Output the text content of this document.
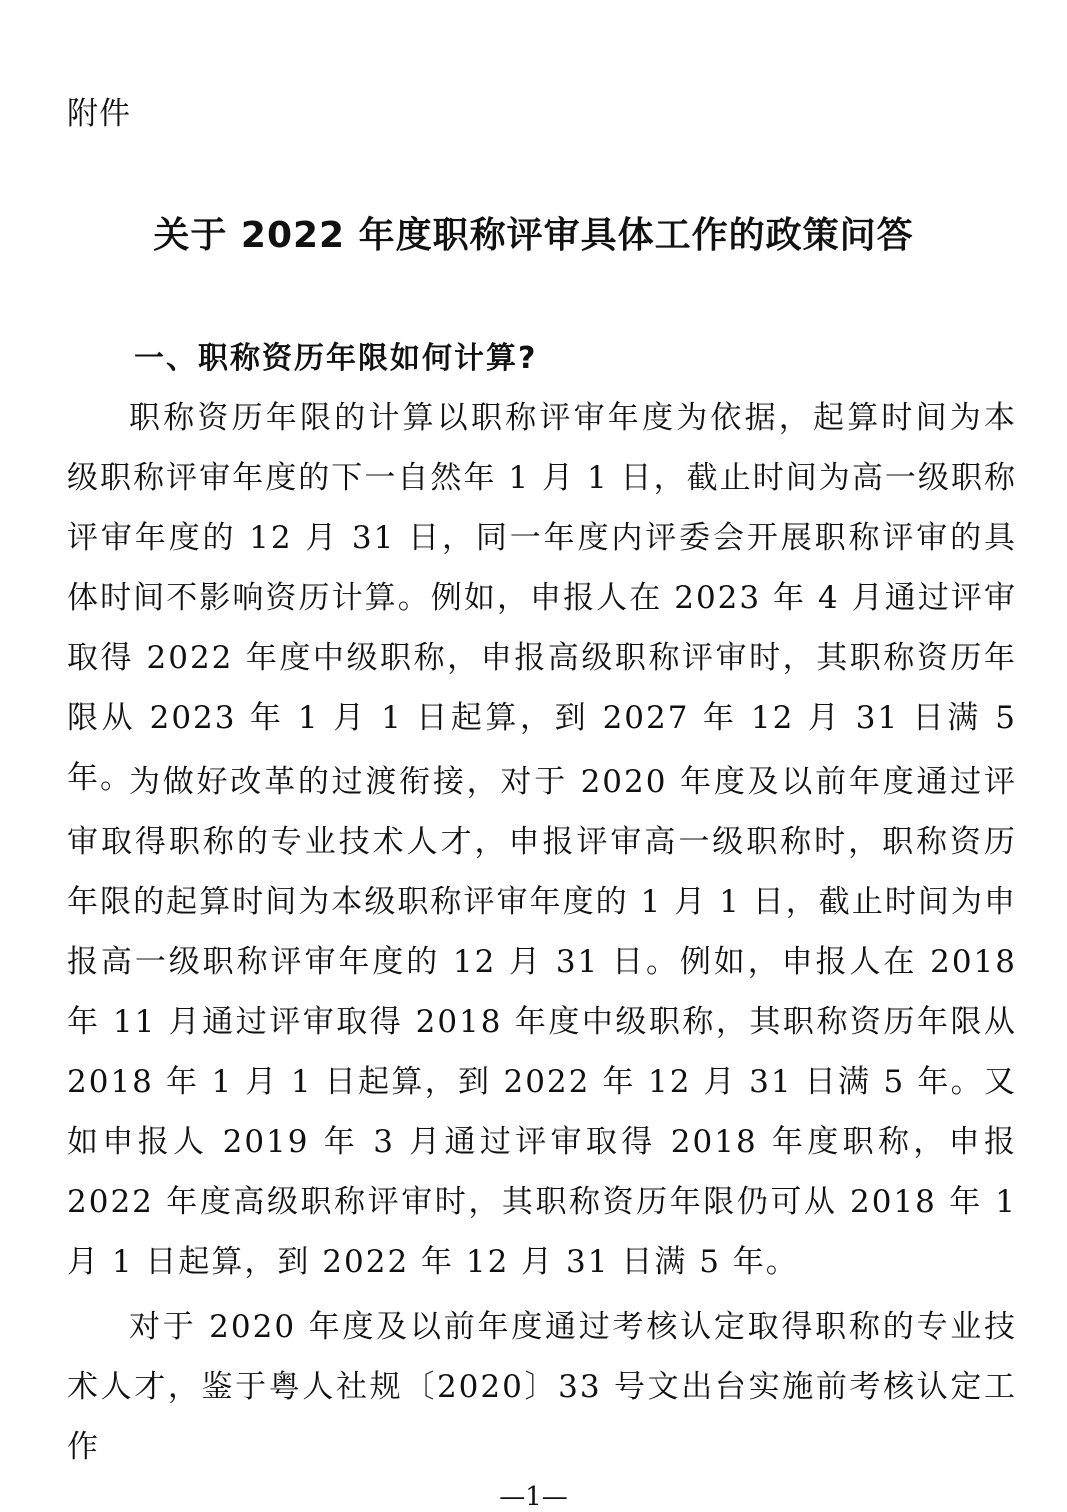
附件
关于 2022 年度职称评审具体工作的政策问答
一、职称资历年限如何计算?

职称资历年限的计算以职称评审年度为依据，起算时间为本级职称评审年度的下一自然年 1 月 1 日，截止时间为高一级职称评审年度的 12 月 31 日，同一年度内评委会开展职称评审的具体时间不影响资历计算。例如，申报人在 2023 年 4 月通过评审取得 2022 年度中级职称，申报高级职称评审时，其职称资历年限从 2023 年 1 月 1 日起算，到 2027 年 12 月 31 日满 5 年。

为做好改革的过渡衔接，对于 2020 年度及以前年度通过评审取得职称的专业技术人才，申报评审高一级职称时，职称资历年限的起算时间为本级职称评审年度的 1 月 1 日，截止时间为申报高一级职称评审年度的 12 月 31 日。例如，申报人在 2018 年 11 月通过评审取得 2018 年度中级职称，其职称资历年限从 2018 年 1 月 1 日起算，到 2022 年 12 月 31 日满 5 年。又如申报人 2019 年 3 月通过评审取得 2018 年度职称，申报 2022 年度高级职称评审时，其职称资历年限仍可从 2018 年 1 月 1 日起算，到 2022 年 12 月 31 日满 5 年。

对于 2020 年度及以前年度通过考核认定取得职称的专业技术人才，鉴于粤人社规〔2020〕33 号文出台实施前考核认定工作

—1—
